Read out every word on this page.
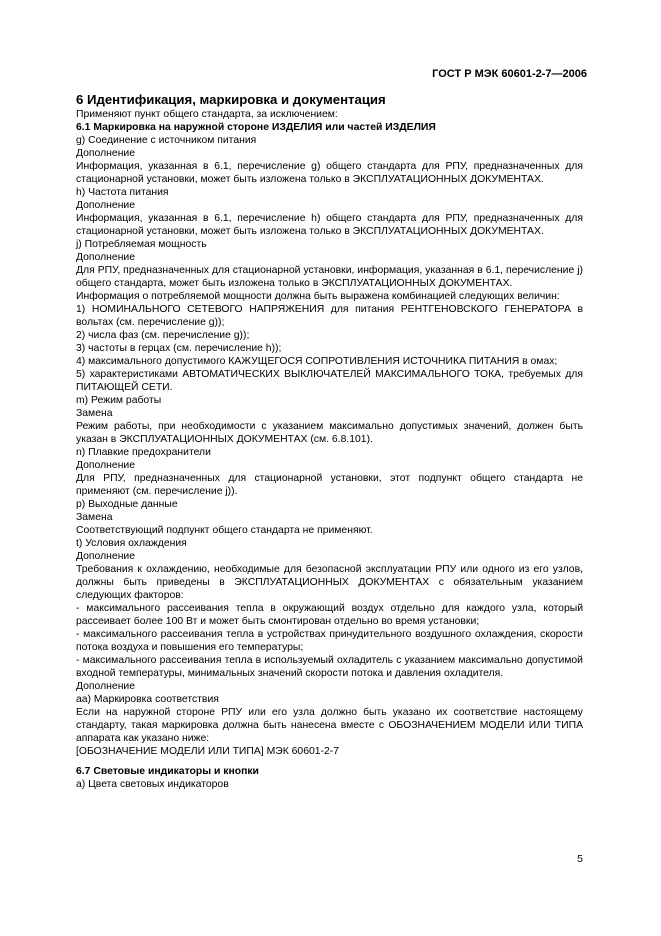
ГОСТ Р МЭК 60601-2-7—2006

6 Идентификация, маркировка и документация

Применяют пункт общего стандарта, за исключением:

6.1 Маркировка на наружной стороне ИЗДЕЛИЯ или частей ИЗДЕЛИЯ

g) Соединение с источником питания

Дополнение

Информация, указанная в 6.1, перечисление g) общего стандарта для РПУ, предназначенных для стационарной установки, может быть изложена только в ЭКСПЛУАТАЦИОННЫХ ДОКУМЕНТАХ.

h) Частота питания

Дополнение

Информация, указанная в 6.1, перечисление h) общего стандарта для РПУ, предназначенных для стационарной установки, может быть изложена только в ЭКСПЛУАТАЦИОННЫХ ДОКУМЕНТАХ.

j) Потребляемая мощность

Дополнение

Для РПУ, предназначенных для стационарной установки, информация, указанная в 6.1, перечисление j) общего стандарта, может быть изложена только в ЭКСПЛУАТАЦИОННЫХ ДОКУМЕНТАХ.

Информация о потребляемой мощности должна быть выражена комбинацией следующих величин:

1) НОМИНАЛЬНОГО СЕТЕВОГО НАПРЯЖЕНИЯ для питания РЕНТГЕНОВСКОГО ГЕНЕРАТОРА в вольтах (см. перечисление g));

2) числа фаз (см. перечисление g));

3) частоты в герцах (см. перечисление h));

4) максимального допустимого КАЖУЩЕГОСЯ СОПРОТИВЛЕНИЯ ИСТОЧНИКА ПИТАНИЯ в омах;

5) характеристиками АВТОМАТИЧЕСКИХ ВЫКЛЮЧАТЕЛЕЙ МАКСИМАЛЬНОГО ТОКА, требуемых для ПИТАЮЩЕЙ СЕТИ.

m) Режим работы

Замена

Режим работы, при необходимости с указанием максимально допустимых значений, должен быть указан в ЭКСПЛУАТАЦИОННЫХ ДОКУМЕНТАХ (см. 6.8.101).

n) Плавкие предохранители

Дополнение

Для РПУ, предназначенных для стационарной установки, этот подпункт общего стандарта не применяют (см. перечисление j)).

р) Выходные данные

Замена

Соответствующий подпункт общего стандарта не применяют.

t) Условия охлаждения

Дополнение

Требования к охлаждению, необходимые для безопасной эксплуатации РПУ или одного из его узлов, должны быть приведены в ЭКСПЛУАТАЦИОННЫХ ДОКУМЕНТАХ с обязательным указанием следующих факторов:

- максимального рассеивания тепла в окружающий воздух отдельно для каждого узла, который рассеивает более 100 Вт и может быть смонтирован отдельно во время установки;

- максимального рассеивания тепла в устройствах принудительного воздушного охлаждения, скорости потока воздуха и повышения его температуры;

- максимального рассеивания тепла в используемый охладитель с указанием максимально допустимой входной температуры, минимальных значений скорости потока и давления охладителя.

Дополнение

аа) Маркировка соответствия

Если на наружной стороне РПУ или его узла должно быть указано их соответствие настоящему стандарту, такая маркировка должна быть нанесена вместе с ОБОЗНАЧЕНИЕМ МОДЕЛИ ИЛИ ТИПА аппарата как указано ниже:

[ОБОЗНАЧЕНИЕ МОДЕЛИ ИЛИ ТИПА] МЭК 60601-2-7

6.7 Световые индикаторы и кнопки

а) Цвета световых индикаторов

5
